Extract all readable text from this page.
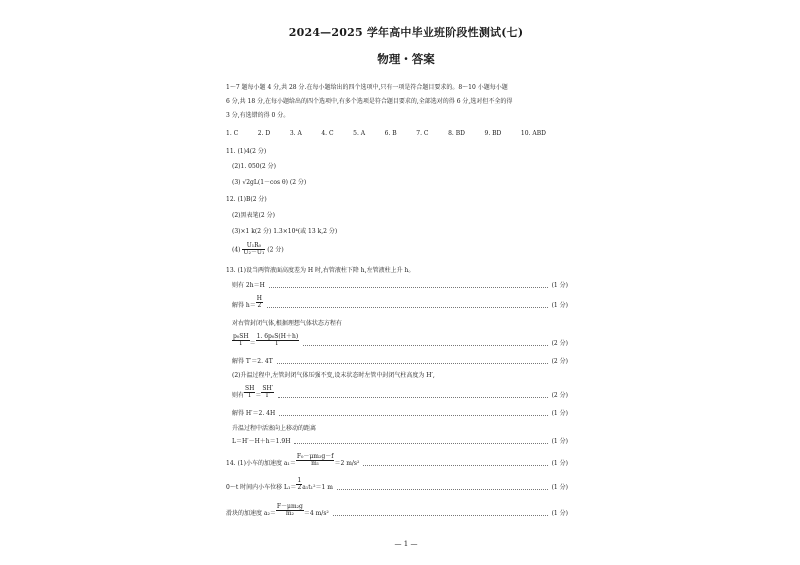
2024—2025 学年高中毕业班阶段性测试(七)
物理・答案
1～7 题每小题 4 分,共 28 分.在每小题给出的四个选项中,只有一项是符合题目要求的。8～10 小题每小题
6 分,共 18 分,在每小题给出的四个选项中,有多个选项是符合题目要求的,全部选对的得 6 分,选对但不全的得
3 分,有选错的得 0 分。
1. C	2. D	3. A	4. C	5. A	6. B	7. C	8. BD	9. BD	10. ABD
11. (1)4(2 分)
(2)1. 050(2 分)
(3) √2gL(1－cos θ) (2 分)
12. (1)B(2 分)
(2)黑表笔(2 分)
(3)×1 k(2 分) 1.3×10⁴(或 13 k,2 分)
$(4) \frac{\text{U₁R₀}}{\text{U₂－U₁}} (2$ 分)
13. (1)设当两管液面高度差为 H 时,右管液柱下降 h,左管液柱上升 h。
则有 2h＝H	(1 分)
解得 $h= \frac{H}{2}$	(1 分)
对右管封闭气体,根据理想气体状态方程有
$\frac{\text{p₀SH}}{T} = \frac{\text{1. 6p₀S(H＋h)}}{T'}$	(2 分)
解得 T′＝2. 4T	(2 分)
(2)升温过程中,左管封闭气体压强不变,设末状态时左管中封闭气柱高度为 H′,
则有 $\frac{SH}{T} = \frac{SH'}{T'}$	(2 分)
解得 H′＝2. 4H	(1 分)
升温过程中活塞向上移动的距离
L＝H′－H＋h＝1.9H	(1 分)
14. (1)小车的加速度 $a_1= \frac{\text{F₀－μm₂g－f}}{\text{m₁}} =2$ m/s²	(1 分)
0～t 时间内小车位移 $L_1= \frac{1}{2} a_1t_1^2=1$ m	(1 分)
滑块的加速度 $a_2= \frac{\text{F－μm₂g}}{\text{m₂}} =4$ m/s²	(1 分)
— 1 —
